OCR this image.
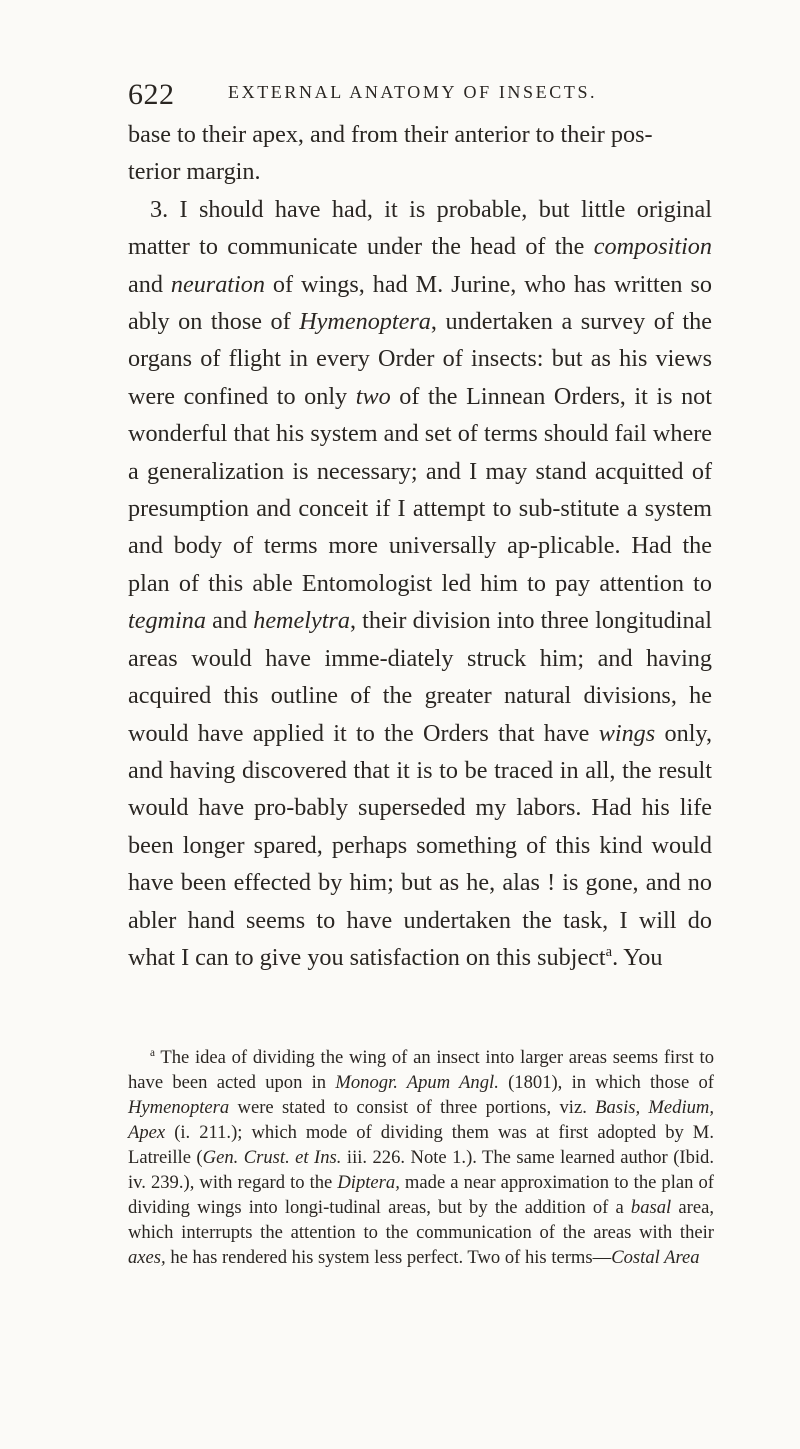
622	EXTERNAL ANATOMY OF INSECTS.

base to their apex, and from their anterior to their pos-
terior margin.

3. I should have had, it is probable, but little original matter to communicate under the head of the composition and neuration of wings, had M. Jurine, who has written so ably on those of Hymenoptera, undertaken a survey of the organs of flight in every Order of insects: but as his views were confined to only two of the Linnean Orders, it is not wonderful that his system and set of terms should fail where a generalization is necessary; and I may stand acquitted of presumption and conceit if I attempt to sub-stitute a system and body of terms more universally ap-plicable. Had the plan of this able Entomologist led him to pay attention to tegmina and hemelytra, their division into three longitudinal areas would have imme-diately struck him; and having acquired this outline of the greater natural divisions, he would have applied it to the Orders that have wings only, and having discovered that it is to be traced in all, the result would have pro-bably superseded my labors. Had his life been longer spared, perhaps something of this kind would have been effected by him; but as he, alas ! is gone, and no abler hand seems to have undertaken the task, I will do what I can to give you satisfaction on this subject$^a$. You

$^a$ The idea of dividing the wing of an insect into larger areas seems first to have been acted upon in Monogr. Apum Angl. (1801), in which those of Hymenoptera were stated to consist of three portions, viz. Basis, Medium, Apex (i. 211.); which mode of dividing them was at first adopted by M. Latreille (Gen. Crust. et Ins. iii. 226. Note 1.). The same learned author (Ibid. iv. 239.), with regard to the Diptera, made a near approximation to the plan of dividing wings into longi-tudinal areas, but by the addition of a basal area, which interrupts the attention to the communication of the areas with their axes, he has rendered his system less perfect. Two of his terms—Costal Area
